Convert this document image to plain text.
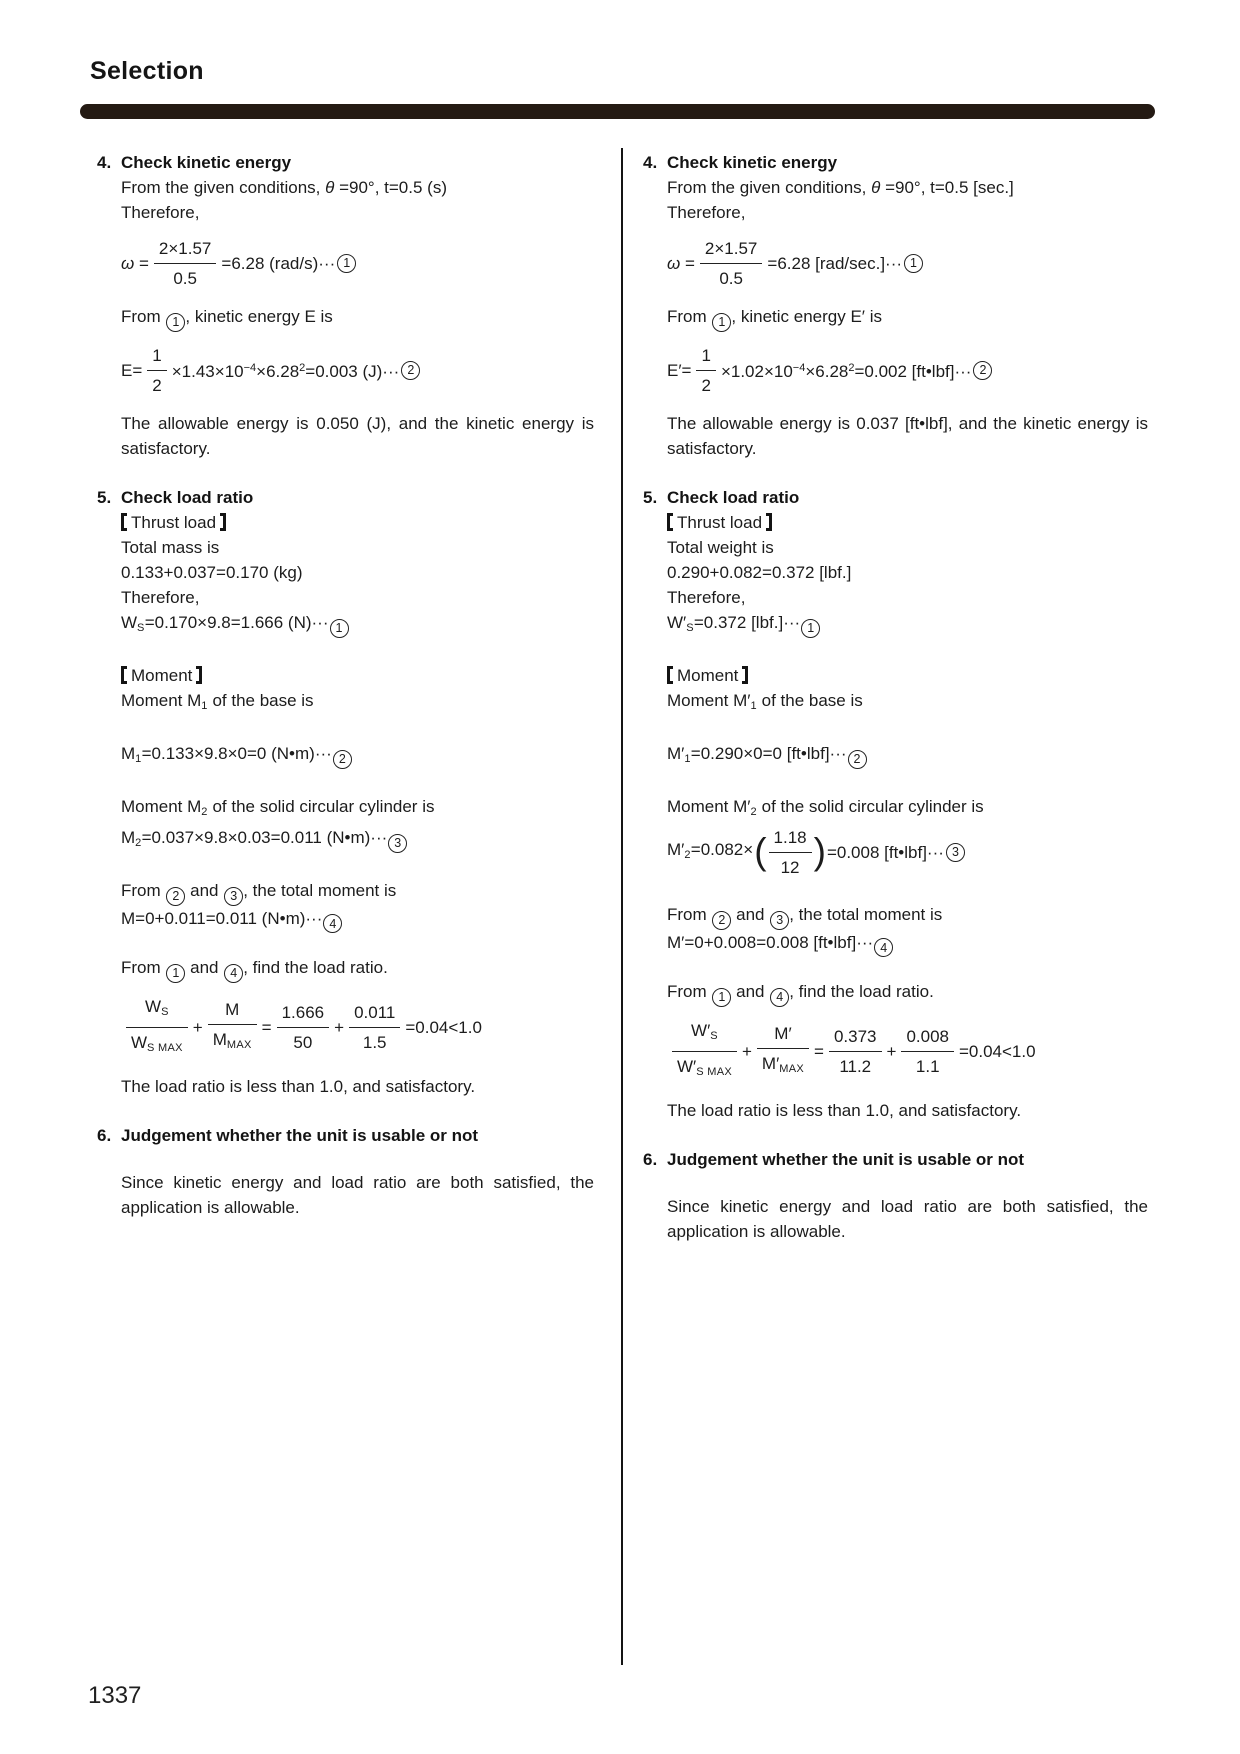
Selection
4. Check kinetic energy

From the given conditions, θ =90°, t=0.5 (s)

Therefore,

$\omega = \frac{2\times 1.57}{0.5} =6.28$ (rad/s)··· 1

From 1 , kinetic energy E is

$E= \frac{1}{2} \times 1.43\times 10^{-4}\times 6.28^2=0.003$ (J)··· 2

The allowable energy is 0.050 (J), and the kinetic energy is satisfactory.

5. Check load ratio

Thrust load

Total mass is

0.133+0.037=0.170 (kg)

Therefore,

$W_S=0.170\times 9.8=1.666$ (N)··· 1

Moment

Moment $M_1$ of the base is

$M_1=0.133\times 9.8\times 0=0$ (N•m)··· 2

Moment $M_2$ of the solid circular cylinder is

$M_2=0.037\times 9.8\times 0.03=0.011$ (N•m)··· 3

From 2 and 3 , the total moment is

M=0+0.011=0.011 (N•m)··· 4

From 1 and 4 , find the load ratio.

$\frac{W_S}{W_{S MAX}} + \frac{M}{M_{MAX}} = \frac{1.666}{50} + \frac{0.011}{1.5} =0.04<1.0$

The load ratio is less than 1.0, and satisfactory.

6. Judgement whether the unit is usable or not

Since kinetic energy and load ratio are both satisfied, the application is allowable.

4. Check kinetic energy

From the given conditions, θ =90°, t=0.5 [sec.]

Therefore,

$\omega = \frac{2\times 1.57}{0.5} =6.28$ [rad/sec.]··· 1

From 1 , kinetic energy E′ is

$E'= \frac{1}{2} \times 1.02\times 10^{-4}\times 6.28^2=0.002$ [ft•lbf]··· 2

The allowable energy is 0.037 [ft•lbf], and the kinetic energy is satisfactory.

5. Check load ratio

Thrust load

Total weight is

0.290+0.082=0.372 [lbf.]

Therefore,

$W'_S=0.372$ [lbf.]··· 1

Moment

Moment $M'_1$ of the base is

$M'_1=0.290\times 0=0$ [ft•lbf]··· 2

Moment $M'_2$ of the solid circular cylinder is

$M'_2=0.082\times$ ( $\frac{1.18}{12}$ ) =0.008 [ft•lbf]··· 3

From 2 and 3 , the total moment is

M′=0+0.008=0.008 [ft•lbf]··· 4

From 1 and 4 , find the load ratio.

$\frac{W'_S}{W'_{S MAX}} + \frac{M'}{M'_{MAX}} = \frac{0.373}{11.2} + \frac{0.008}{1.1} =0.04<1.0$

The load ratio is less than 1.0, and satisfactory.

6. Judgement whether the unit is usable or not

Since kinetic energy and load ratio are both satisfied, the application is allowable.

1337
